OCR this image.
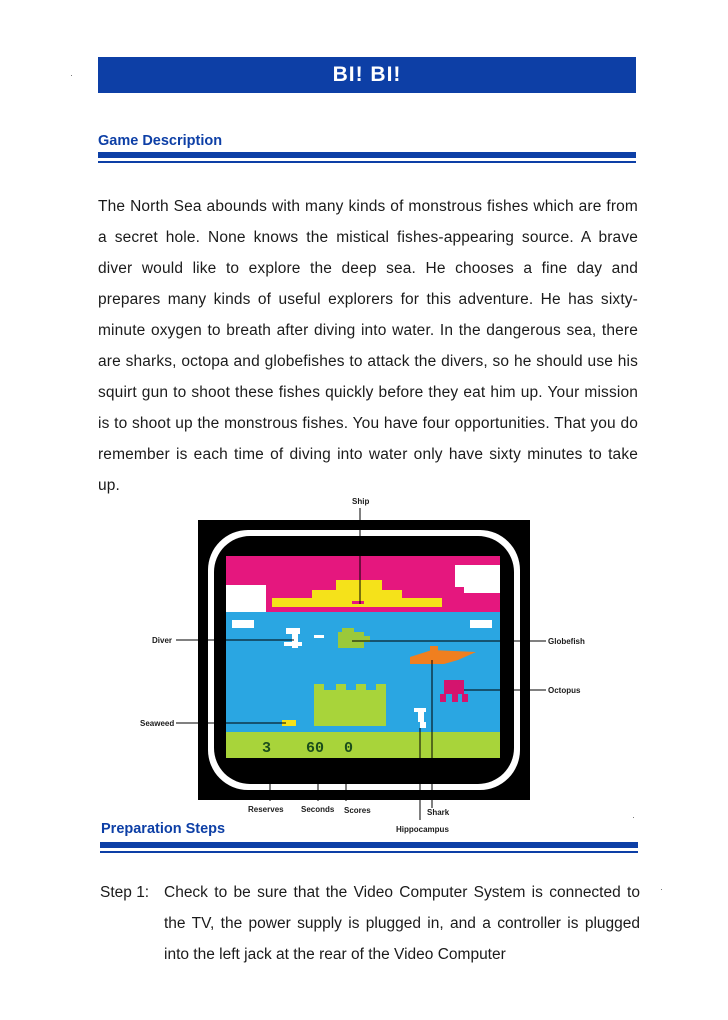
BI! BI!
Game Description
The North Sea abounds with many kinds of monstrous fishes which are from a secret hole. None knows the mistical fishes-appearing source. A brave diver would like to explore the deep sea. He chooses a fine day and prepares many kinds of useful explorers for this adventure. He has sixty-minute oxygen to breath after diving into water. In the dangerous sea, there are sharks, octopa and globefishes to attack the divers, so he should use his squirt gun to shoot these fishes quickly before they eat him up. Your mission is to shoot up the monstrous fishes. You have four opportunities. That you do remember is each time of diving into water only have sixty minutes to take up.
3 60 0
Ship
Diver	Globefish
Octopus
Seaweed
Reserves Seconds Scores	Shark
Hippocampus
Preparation Steps
Step 1: Check to be sure that the Video Computer System is connected to the TV, the power supply is plugged in, and a controller is plugged into the left jack at the rear of the Video Computer
·
·
·
